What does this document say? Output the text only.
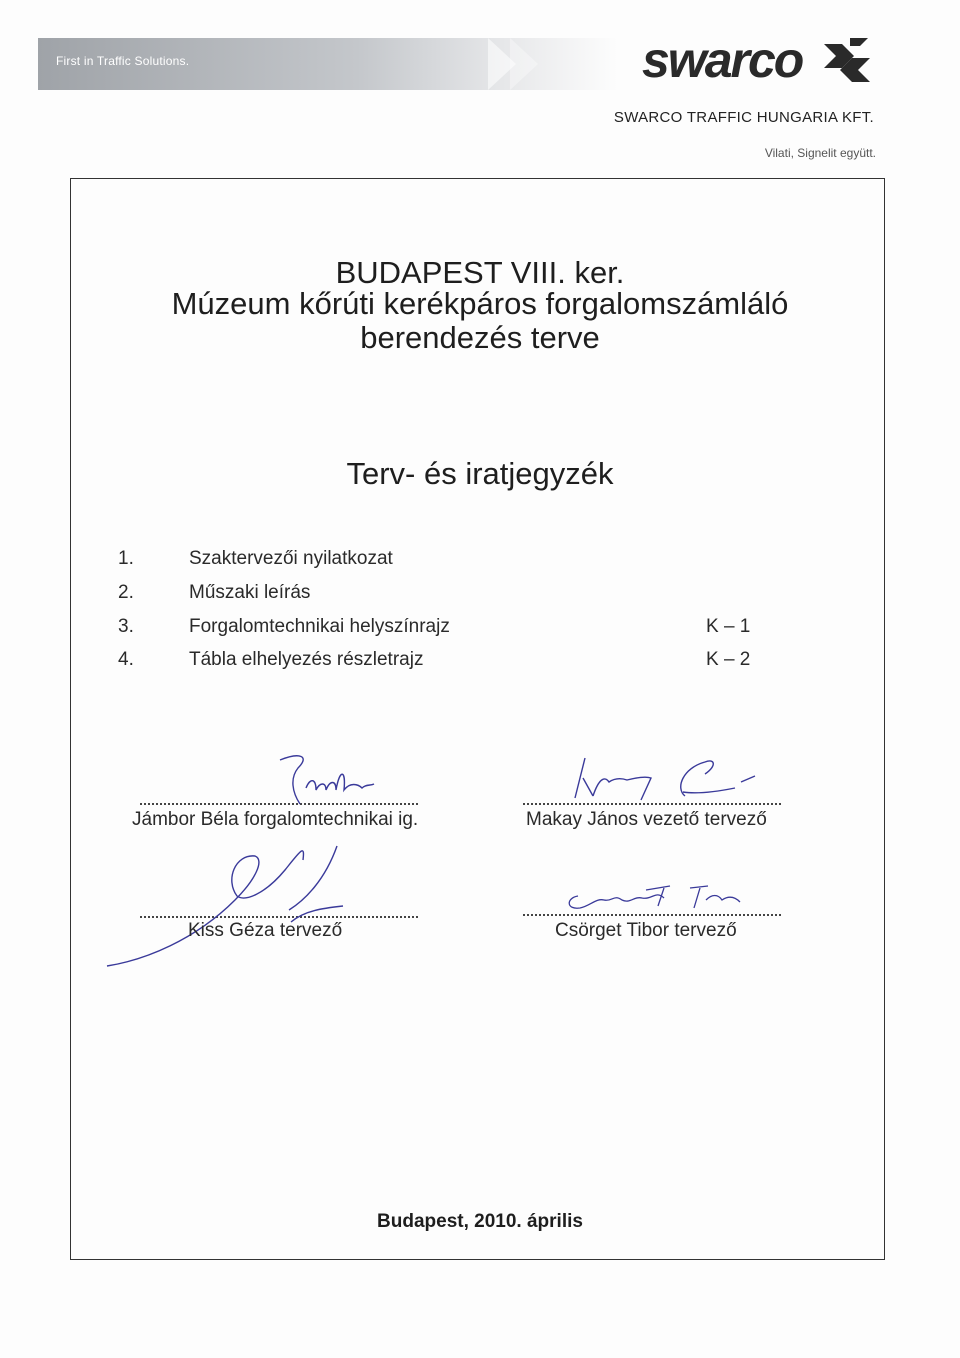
First in Traffic Solutions.	swarco
SWARCO TRAFFIC HUNGARIA KFT.
Vilati, Signelit együtt.
BUDAPEST VIII. ker.
Múzeum kőrúti kerékpáros forgalomszámláló
berendezés terve
Terv- és iratjegyzék
1.	Szaktervezői nyilatkozat
2.	Műszaki leírás
3.	Forgalomtechnikai helyszínrajz	K – 1
4.	Tábla elhelyezés részletrajz	K – 2
Jámbor Béla forgalomtechnikai ig.	Makay János vezető tervező
Kiss Géza tervező	Csörget Tibor tervező
Budapest, 2010. április
